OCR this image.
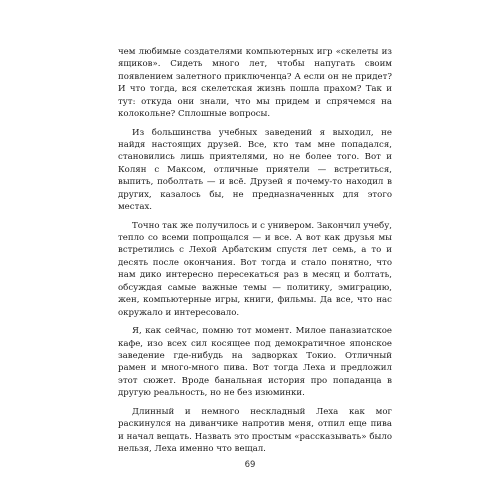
чем любимые создателями компьютерных игр «скелеты из ящиков». Сидеть много лет, чтобы напугать своим появлением залетного приключенца? А если он не придет? И что тогда, вся скелетская жизнь пошла прахом? Так и тут: откуда они знали, что мы придем и спрячемся на колокольне? Сплошные вопросы.

Из большинства учебных заведений я выходил, не найдя настоящих друзей. Все, кто там мне попадался, становились лишь приятелями, но не более того. Вот и Колян с Максом, отличные приятели — встретиться, выпить, поболтать — и всё. Друзей я почему-то находил в других, казалось бы, не предназначенных для этого местах.

Точно так же получилось и с универом. Закончил учебу, тепло со всеми попрощался — и все. А вот как друзья мы встретились с Лехой Арбатским спустя лет семь, а то и десять после окончания. Вот тогда и стало понятно, что нам дико интересно пересекаться раз в месяц и болтать, обсуждая самые важные темы — политику, эмиграцию, жен, компьютерные игры, книги, фильмы. Да все, что нас окружало и интересовало.

Я, как сейчас, помню тот момент. Милое паназиатское кафе, изо всех сил косящее под демократичное японское заведение где-нибудь на задворках Токио. Отличный рамен и много-много пива. Вот тогда Леха и предложил этот сюжет. Вроде банальная история про попаданца в другую реальность, но не без изюминки.

Длинный и немного нескладный Леха как мог раскинулся на диванчике напротив меня, отпил еще пива и начал вещать. Назвать это простым «рассказывать» было нельзя, Леха именно что вещал.

69
